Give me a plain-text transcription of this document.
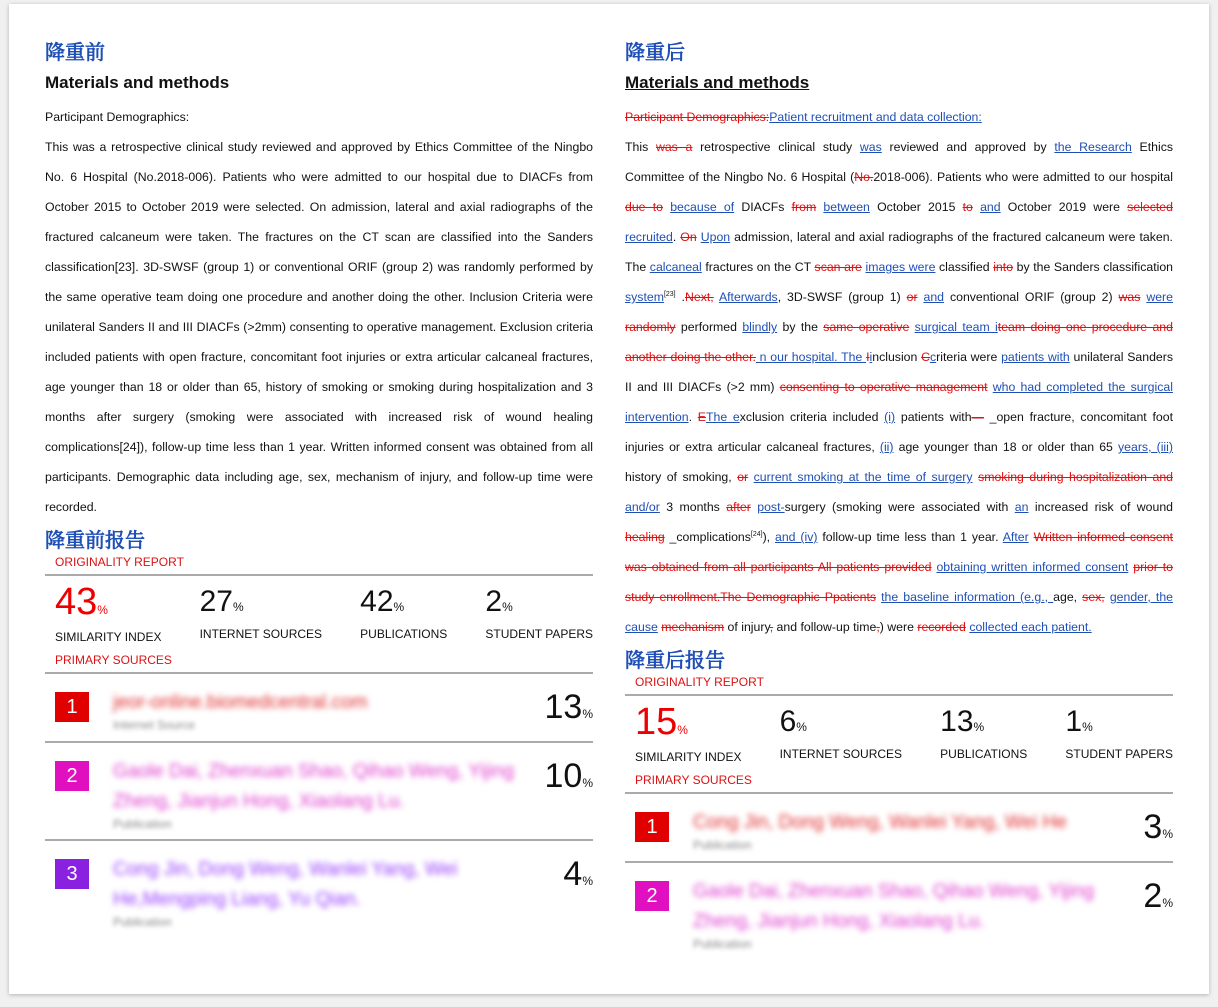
降重前
Materials and methods

Participant Demographics:

This was a retrospective clinical study reviewed and approved by Ethics Committee of the Ningbo No. 6 Hospital (No.2018-006). Patients who were admitted to our hospital due to DIACFs from October 2015 to October 2019 were selected. On admission, lateral and axial radiographs of the fractured calcaneum were taken. The fractures on the CT scan are classified into the Sanders classification[23]. 3D-SWSF (group 1) or conventional ORIF (group 2) was randomly performed by the same operative team doing one procedure and another doing the other. Inclusion Criteria were unilateral Sanders II and III DIACFs (>2mm) consenting to operative management. Exclusion criteria included patients with open fracture, concomitant foot injuries or extra articular calcaneal fractures, age younger than 18 or older than 65, history of smoking or smoking during hospitalization and 3 months after surgery (smoking were associated with increased risk of wound healing complications[24]), follow-up time less than 1 year. Written informed consent was obtained from all participants. Demographic data including age, sex, mechanism of injury, and follow-up time were recorded.

降重前报告
ORIGINALITY REPORT
43%
SIMILARITY INDEX
27%
INTERNET SOURCES
42%
PUBLICATIONS
2%
STUDENT PAPERS
PRIMARY SOURCES
1	jeor-online.biomedcentral.com
Internet Source	13%
2	Gaole Dai, Zhenxuan Shao, Qihao Weng, Yijing Zheng, Jianjun Hong, Xiaolang Lu.
Publication
10%
3	Cong Jin, Dong Weng, Wanlei Yang, Wei He,Mengping Liang, Yu Qian.
Publication
4%
降重后
Materials and methods

Participant Demographics:Patient recruitment and data collection:

This was a retrospective clinical study was reviewed and approved by the Research Ethics Committee of the Ningbo No. 6 Hospital (No.2018-006). Patients who were admitted to our hospital due to because of DIACFs from between October 2015 to and October 2019 were selected recruited. On Upon admission, lateral and axial radiographs of the fractured calcaneum were taken. The calcaneal fractures on the CT scan are images were classified into by the Sanders classification system[23] .Next, Afterwards, 3D-SWSF (group 1) or and conventional ORIF (group 2) was were randomly performed blindly by the same operative surgical team iteam doing one procedure and another doing the other. n our hospital. The Iinclusion Ccriteria were patients with unilateral Sanders II and III DIACFs (>2 mm) consenting to operative management who had completed the surgical intervention. EThe exclusion criteria included (i) patients with— _open fracture, concomitant foot injuries or extra articular calcaneal fractures, (ii) age younger than 18 or older than 65 years, (iii) history of smoking, or current smoking at the time of surgery smoking during hospitalization and and/or 3 months after post-surgery (smoking were associated with an increased risk of wound healing _complications[24]), and (iv) follow-up time less than 1 year. After Written informed consent was obtained from all participants All patients provided obtaining written informed consent prior to study enrollment.The Demographic Ppatients the baseline information (e.g., age, sex, gender, the cause mechanism of injury, and follow-up time,) were recorded collected each patient.

降重后报告
ORIGINALITY REPORT
15%
SIMILARITY INDEX
6%
INTERNET SOURCES
13%
PUBLICATIONS
1%
STUDENT PAPERS
PRIMARY SOURCES
1	Cong Jin, Dong Weng, Wanlei Yang, Wei He
Publication	3%
2	Gaole Dai, Zhenxuan Shao, Qihao Weng, Yijing Zheng, Jianjun Hong, Xiaolang Lu.
Publication
2%
